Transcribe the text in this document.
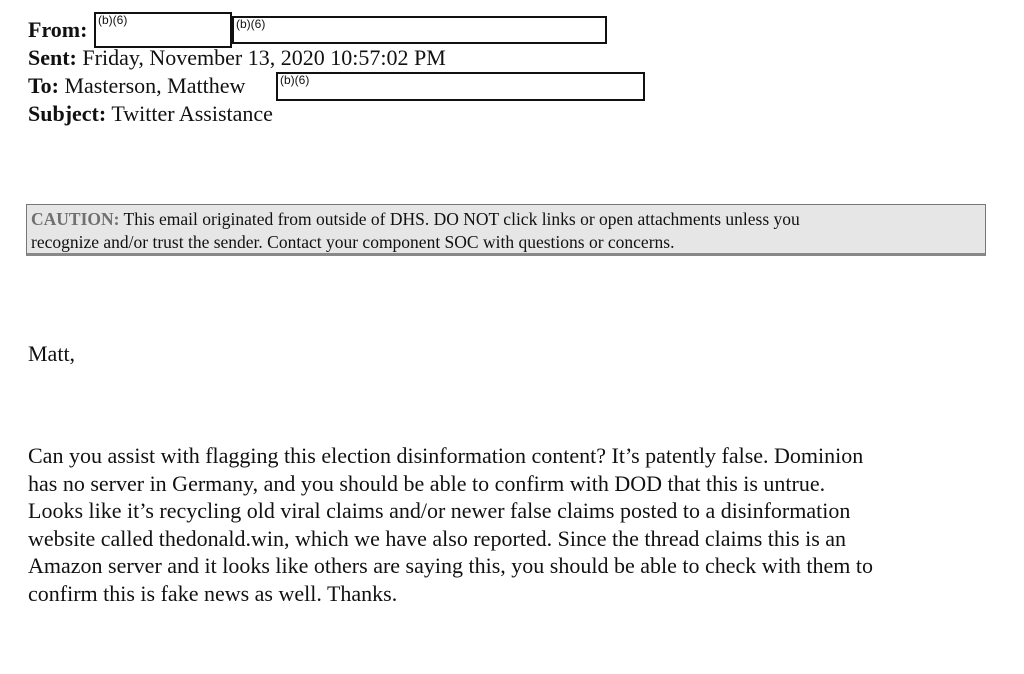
From: (b)(6)	(b)(6)
Sent: Friday, November 13, 2020 10:57:02 PM
To: Masterson, Matthew	(b)(6)
Subject: Twitter Assistance
CAUTION: This email originated from outside of DHS. DO NOT click links or open attachments unless you
recognize and/or trust the sender. Contact your component SOC with questions or concerns.
Matt,
Can you assist with flagging this election disinformation content? It’s patently false. Dominion
has no server in Germany, and you should be able to confirm with DOD that this is untrue.
Looks like it’s recycling old viral claims and/or newer false claims posted to a disinformation
website called thedonald.win, which we have also reported. Since the thread claims this is an
Amazon server and it looks like others are saying this, you should be able to check with them to
confirm this is fake news as well. Thanks.
